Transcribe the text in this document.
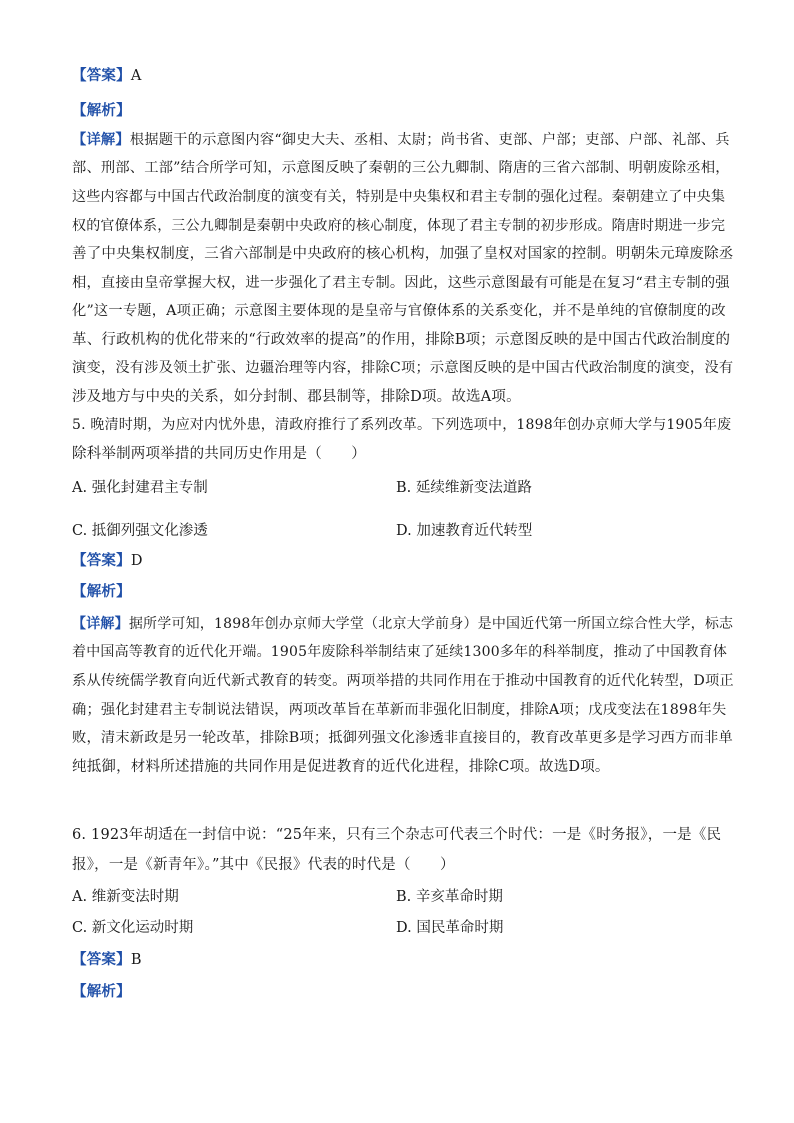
【答案】A
【解析】
【详解】根据题干的示意图内容“御史大夫、丞相、太尉；尚书省、吏部、户部；吏部、户部、礼部、兵
部、刑部、工部”结合所学可知，示意图反映了秦朝的三公九卿制、隋唐的三省六部制、明朝废除丞相，
这些内容都与中国古代政治制度的演变有关，特别是中央集权和君主专制的强化过程。秦朝建立了中央集
权的官僚体系，三公九卿制是秦朝中央政府的核心制度，体现了君主专制的初步形成。隋唐时期进一步完
善了中央集权制度，三省六部制是中央政府的核心机构，加强了皇权对国家的控制。明朝朱元璋废除丞
相，直接由皇帝掌握大权，进一步强化了君主专制。因此，这些示意图最有可能是在复习“君主专制的强
化”这一专题，A项正确；示意图主要体现的是皇帝与官僚体系的关系变化，并不是单纯的官僚制度的改
革、行政机构的优化带来的“行政效率的提高”的作用，排除B项；示意图反映的是中国古代政治制度的
演变，没有涉及领土扩张、边疆治理等内容，排除C项；示意图反映的是中国古代政治制度的演变，没有
涉及地方与中央的关系，如分封制、郡县制等，排除D项。故选A项。
5. 晚清时期，为应对内忧外患，清政府推行了系列改革。下列选项中，1898年创办京师大学与1905年废
除科举制两项举措的共同历史作用是（　　）
A. 强化封建君主专制	B. 延续维新变法道路
C. 抵御列强文化渗透	D. 加速教育近代转型
【答案】D
【解析】
【详解】据所学可知，1898年创办京师大学堂（北京大学前身）是中国近代第一所国立综合性大学，标志
着中国高等教育的近代化开端。1905年废除科举制结束了延续1300多年的科举制度，推动了中国教育体
系从传统儒学教育向近代新式教育的转变。两项举措的共同作用在于推动中国教育的近代化转型，D项正
确；强化封建君主专制说法错误，两项改革旨在革新而非强化旧制度，排除A项；戊戌变法在1898年失
败，清末新政是另一轮改革，排除B项；抵御列强文化渗透非直接目的，教育改革更多是学习西方而非单
纯抵御，材料所述措施的共同作用是促进教育的近代化进程，排除C项。故选D项。
6. 1923年胡适在一封信中说：“25年来，只有三个杂志可代表三个时代：一是《时务报》，一是《民
报》，一是《新青年》。”其中《民报》代表的时代是（　　）
A. 维新变法时期	B. 辛亥革命时期
C. 新文化运动时期	D. 国民革命时期
【答案】B
【解析】
